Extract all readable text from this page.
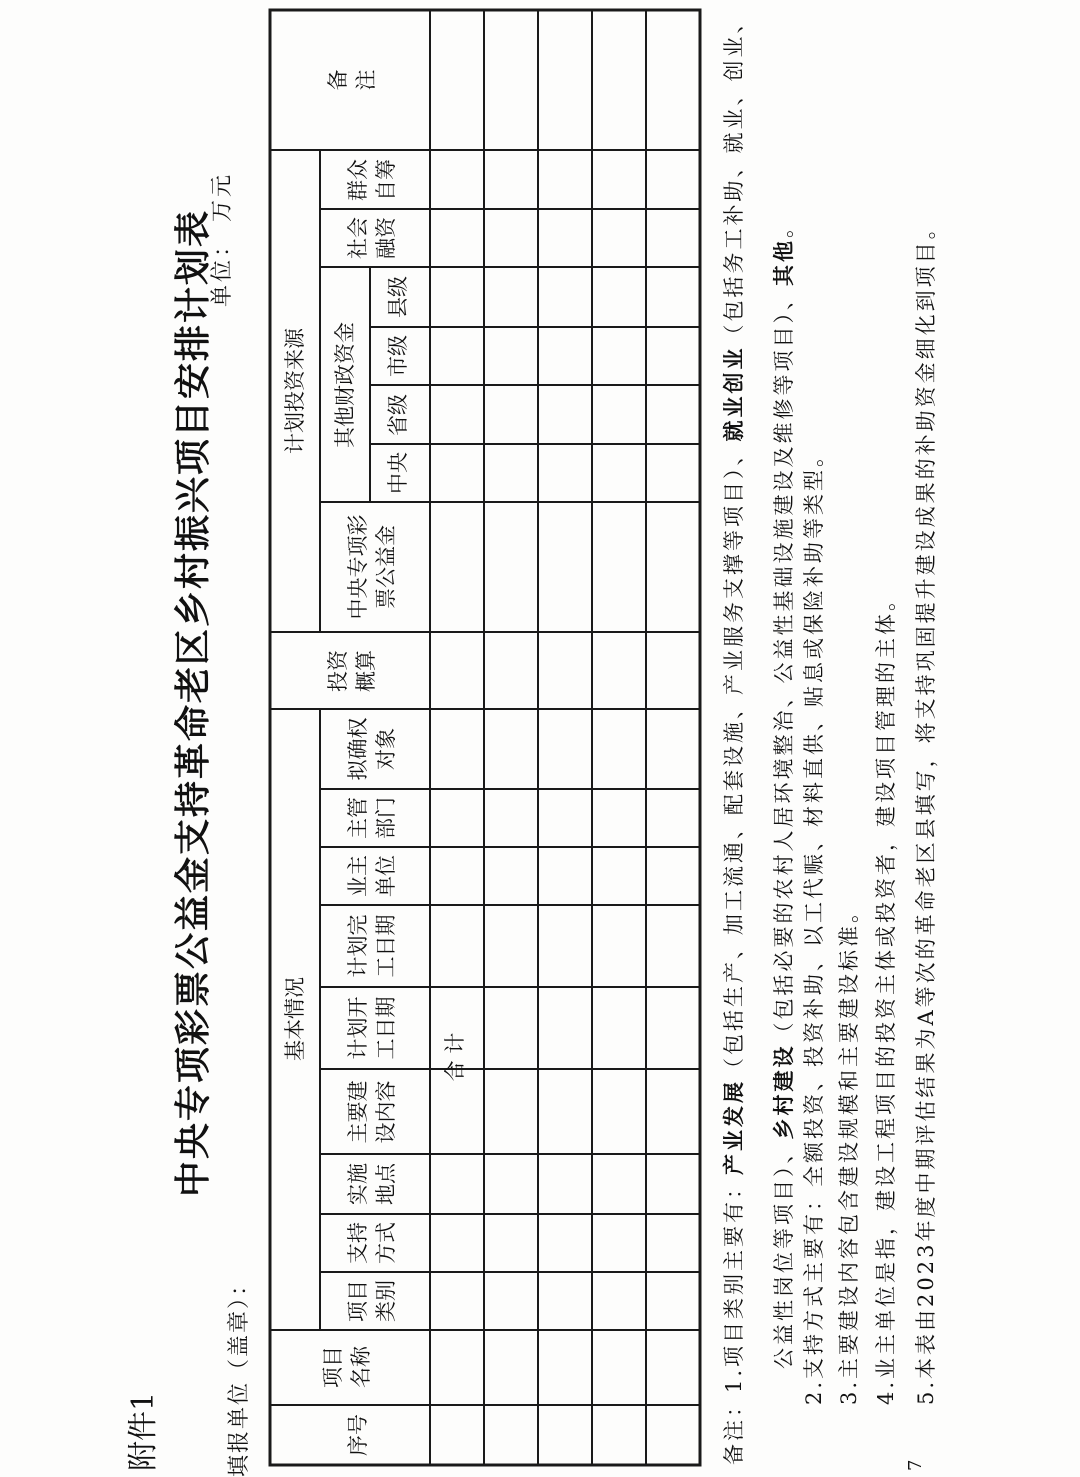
附件1
中央专项彩票公益金支持革命老区乡村振兴项目安排计划表
填报单位（盖章）：
单位： 万元
序号
项目 名称
基本情况
项目 类别
支持 方式
实施 地点
主要建 设内容
计划开 工日期
计划完 工日期
业主 单位
主管 部门
拟确权 对象
投资 概算
计划投资来源
中央专项彩 票公益金
其他财政资金
中央
省级
市级
县级
社会 融资
群众 自筹
备 注
合 计
备注：1.项目类别主要有：产业发展（包括生产、加工流通、配套设施、产业服务支撑等项目）、就业创业（包括务工补助、就业、创业、
公益性岗位等项目）、乡村建设（包括必要的农村人居环境整治、公益性基础设施建设及维修等项目）、其他。
2.支持方式主要有：全额投资、投资补助、以工代赈、材料直供、贴息或保险补助等类型。 3.主要建设内容包含建设规模和主要建设标准。 4.业主单位是指，建设工程项目的投资主体或投资者，建设项目管理的主体。 5.本表由2023年度中期评估结果为A等次的革命老区县填写，将支持巩固提升建设成果的补助资金细化到项目。
7
